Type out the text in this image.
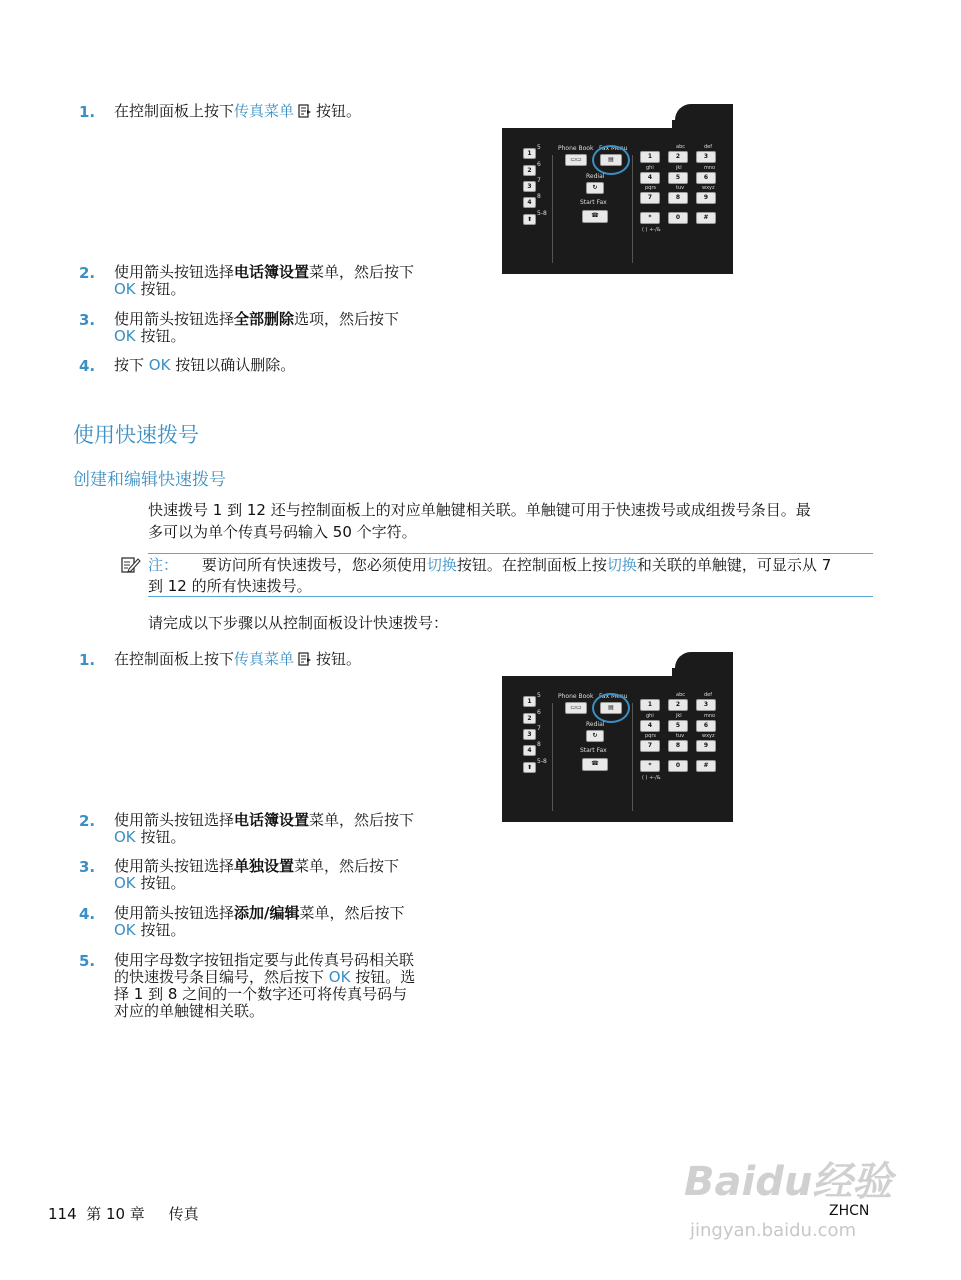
1. 在控制面板上按下传真菜单 按钮。
2. 使用箭头按钮选择电话簿设置菜单，然后按下
OK 按钮。
3. 使用箭头按钮选择全部删除选项，然后按下
OK 按钮。
4. 按下 OK 按钮以确认删除。
1
2
3
4
⬆
5
6
7
8
5-8
Phone Book Fax Menu
▭▭	▤
Redial
↻
Start Fax
☎
abc	def
1	2	3
ghi	jkl	mno
4	5	6
pqrs	tuv	wxyz
7	8	9
*	0	#
( ) +-/&
使用快速拨号
创建和编辑快速拨号
快速拨号 1 到 12 还与控制面板上的对应单触键相关联。单触键可用于快速拨号或成组拨号条目。最
多可以为单个传真号码输入 50 个字符。
注： 要访问所有快速拨号，您必须使用切换按钮。在控制面板上按切换和关联的单触键，可显示从 7
到 12 的所有快速拨号。
请完成以下步骤以从控制面板设计快速拨号：
1. 在控制面板上按下传真菜单 按钮。
2. 使用箭头按钮选择电话簿设置菜单，然后按下
OK 按钮。
3. 使用箭头按钮选择单独设置菜单，然后按下
OK 按钮。
4. 使用箭头按钮选择添加/编辑菜单，然后按下
OK 按钮。
5. 使用字母数字按钮指定要与此传真号码相关联
的快速拨号条目编号，然后按下 OK 按钮。选
择 1 到 8 之间的一个数字还可将传真号码与
对应的单触键相关联。
1
2
3
4
⬆
5
6
7
8
5-8
Phone Book Fax Menu
▭▭	▤
Redial
↻
Start Fax
☎
abc	def
1	2	3
ghi	jkl	mno
4	5	6
pqrs	tuv	wxyz
7	8	9
*	0	#
( ) +-/&
114 第 10 章 传真	ZHCN
Baidu经验
jingyan.baidu.com
